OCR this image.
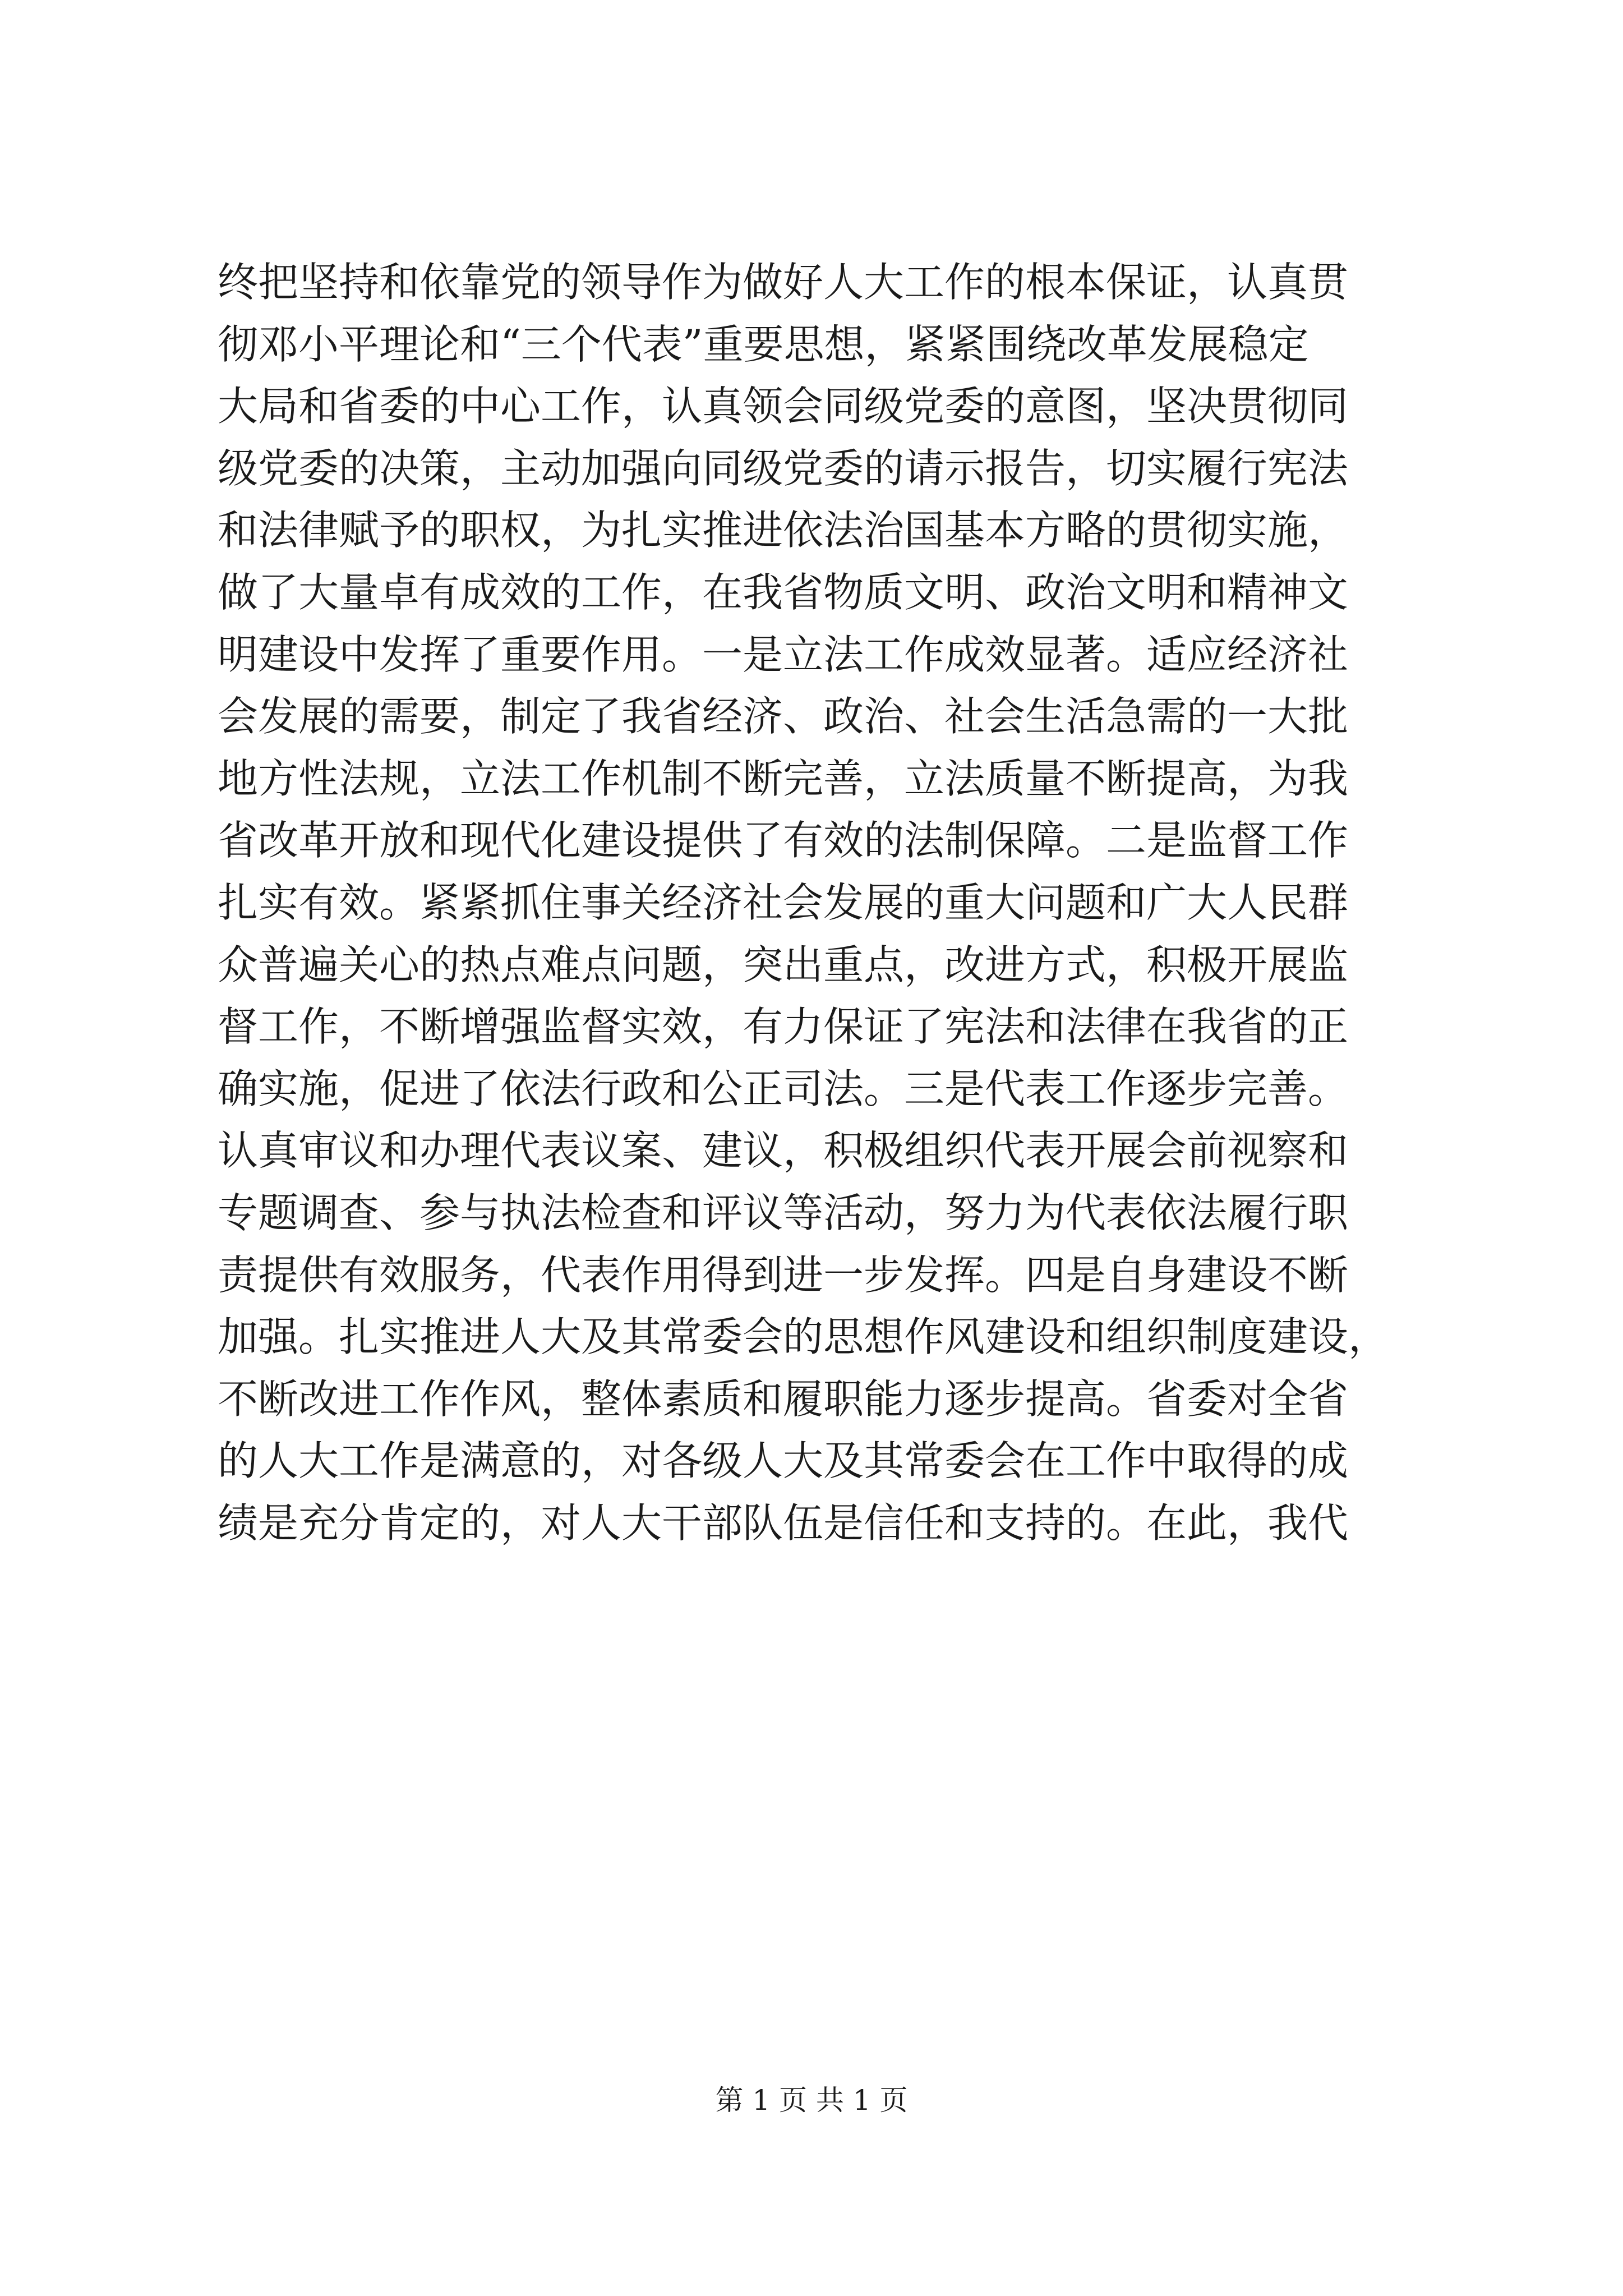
终把坚持和依靠党的领导作为做好人大工作的根本保证，认真贯
彻邓小平理论和“三个代表”重要思想，紧紧围绕改革发展稳定
大局和省委的中心工作，认真领会同级党委的意图，坚决贯彻同
级党委的决策，主动加强向同级党委的请示报告，切实履行宪法
和法律赋予的职权，为扎实推进依法治国基本方略的贯彻实施，
做了大量卓有成效的工作，在我省物质文明、政治文明和精神文
明建设中发挥了重要作用。一是立法工作成效显著。适应经济社
会发展的需要，制定了我省经济、政治、社会生活急需的一大批
地方性法规，立法工作机制不断完善，立法质量不断提高，为我
省改革开放和现代化建设提供了有效的法制保障。二是监督工作
扎实有效。紧紧抓住事关经济社会发展的重大问题和广大人民群
众普遍关心的热点难点问题，突出重点，改进方式，积极开展监
督工作，不断增强监督实效，有力保证了宪法和法律在我省的正
确实施，促进了依法行政和公正司法。三是代表工作逐步完善。
认真审议和办理代表议案、建议，积极组织代表开展会前视察和
专题调查、参与执法检查和评议等活动，努力为代表依法履行职
责提供有效服务，代表作用得到进一步发挥。四是自身建设不断
加强。扎实推进人大及其常委会的思想作风建设和组织制度建设，
不断改进工作作风，整体素质和履职能力逐步提高。省委对全省
的人大工作是满意的，对各级人大及其常委会在工作中取得的成
绩是充分肯定的，对人大干部队伍是信任和支持的。在此，我代
第 1 页 共 1 页
